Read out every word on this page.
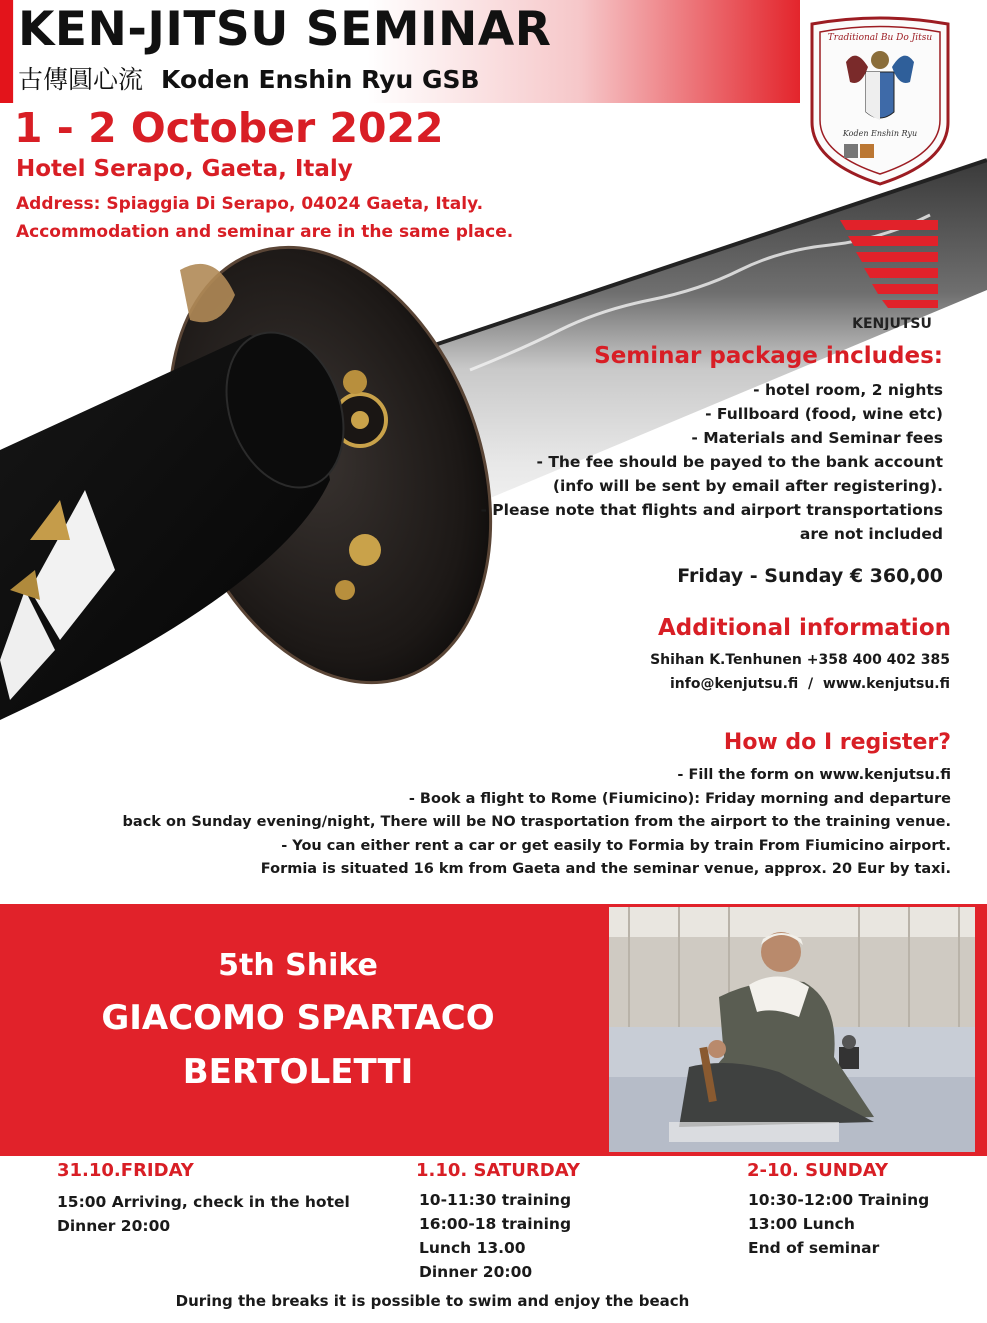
KEN-JITSU SEMINAR
古傳圓心流 Koden Enshin Ryu GSB
1 - 2 October 2022
Hotel Serapo, Gaeta, Italy
Address: Spiaggia Di Serapo, 04024 Gaeta, Italy.
Accommodation and seminar are in the same place.
Traditional Bu Do Jitsu
Koden Enshin Ryu
KENJUTSU
Seminar package includes:
- hotel room, 2 nights
- Fullboard (food, wine etc)
- Materials and Seminar fees
- The fee should be payed to the bank account
(info will be sent by email after registering).
- Please note that flights and airport transportations
are not included
Friday - Sunday € 360,00
Additional information
Shihan K.Tenhunen +358 400 402 385
info@kenjutsu.fi  /  www.kenjutsu.fi
How do I register?
- Fill the form on www.kenjutsu.fi
- Book a flight to Rome (Fiumicino): Friday morning and departure
back on Sunday evening/night, There will be NO trasportation from the airport to the training venue.
- You can either rent a car or get easily to Formia by train From Fiumicino airport.
Formia is situated 16 km from Gaeta and the seminar venue, approx. 20 Eur by taxi.
5th Shike
GIACOMO SPARTACO
BERTOLETTI
31.10.FRIDAY
15:00 Arriving, check in the hotel
Dinner 20:00
1.10. SATURDAY
10-11:30 training
16:00-18 training
Lunch 13.00
Dinner 20:00
2-10. SUNDAY
10:30-12:00 Training
13:00 Lunch
End of seminar
During the breaks it is possible to swim and enjoy the beach
